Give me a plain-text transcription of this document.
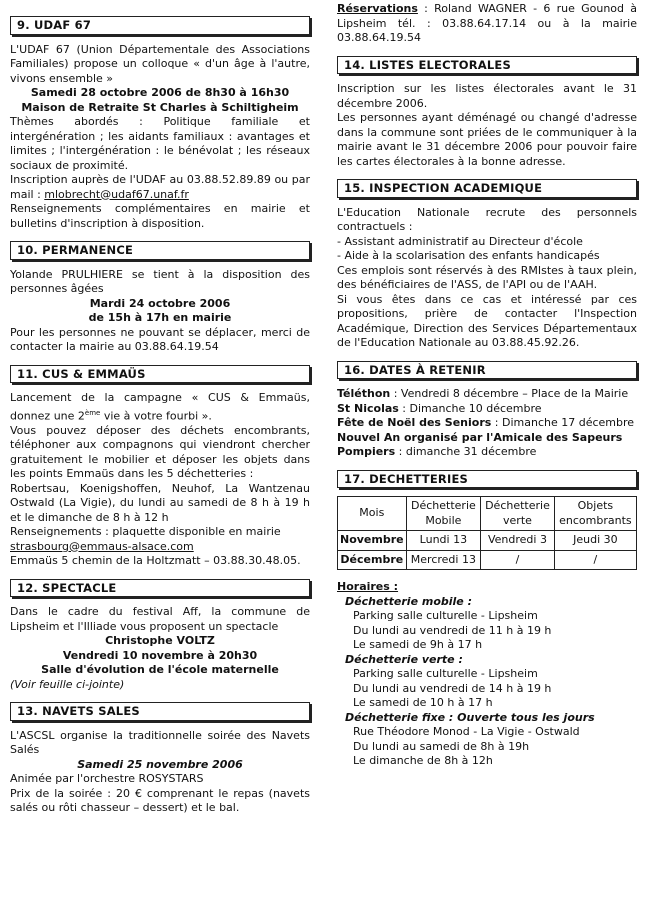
9. UDAF 67

L'UDAF 67 (Union Départementale des Associations Familiales) propose un colloque « d'un âge à l'autre, vivons ensemble »

Samedi 28 octobre 2006 de 8h30 à 16h30

Maison de Retraite St Charles à Schiltigheim

Thèmes abordés : Politique familiale et intergénération ; les aidants familiaux : avantages et limites ; l'intergénération : le bénévolat ; les réseaux sociaux de proximité.

Inscription auprès de l'UDAF au 03.88.52.89.89 ou par mail : mlobrecht@udaf67.unaf.fr

Renseignements complémentaires en mairie et bulletins d'inscription à disposition.

10. PERMANENCE

Yolande PRULHIERE se tient à la disposition des personnes âgées

Mardi 24 octobre 2006

de 15h à 17h en mairie

Pour les personnes ne pouvant se déplacer, merci de contacter la mairie au 03.88.64.19.54

11. CUS & EMMAÜS

Lancement de la campagne « CUS & Emmaüs, donnez une 2ème vie à votre fourbi ».

Vous pouvez déposer des déchets encombrants, téléphoner aux compagnons qui viendront chercher gratuitement le mobilier et déposer les objets dans les points Emmaüs dans les 5 déchetteries :

Robertsau, Koenigshoffen, Neuhof, La Wantzenau Ostwald (La Vigie), du lundi au samedi de 8 h à 19 h et le dimanche de 8 h à 12 h

Renseignements : plaquette disponible en mairie

strasbourg@emmaus-alsace.com

Emmaüs 5 chemin de la Holtzmatt – 03.88.30.48.05.

12. SPECTACLE

Dans le cadre du festival Aff, la commune de Lipsheim et l'Illiade vous proposent un spectacle

Christophe VOLTZ

Vendredi 10 novembre à 20h30

Salle d'évolution de l'école maternelle

(Voir feuille ci-jointe)

13. NAVETS SALES

L'ASCSL organise la traditionnelle soirée des Navets Salés

Samedi 25 novembre 2006

Animée par l'orchestre ROSYSTARS

Prix de la soirée : 20 € comprenant le repas (navets salés ou rôti chasseur – dessert) et le bal.

Réservations : Roland WAGNER - 6 rue Gounod à Lipsheim tél. : 03.88.64.17.14 ou à la mairie 03.88.64.19.54

14. LISTES ELECTORALES

Inscription sur les listes électorales avant le 31 décembre 2006.

Les personnes ayant déménagé ou changé d'adresse dans la commune sont priées de le communiquer à la mairie avant le 31 décembre 2006 pour pouvoir faire les cartes électorales à la bonne adresse.

15. INSPECTION ACADEMIQUE

L'Education Nationale recrute des personnels contractuels :

- Assistant administratif au Directeur d'école

- Aide à la scolarisation des enfants handicapés

Ces emplois sont réservés à des RMIstes à taux plein, des bénéficiaires de l'ASS, de l'API ou de l'AAH.

Si vous êtes dans ce cas et intéressé par ces propositions, prière de contacter l'Inspection Académique, Direction des Services Départementaux de l'Education Nationale au 03.88.45.92.26.

16. DATES À RETENIR

Téléthon : Vendredi 8 décembre – Place de la Mairie

St Nicolas : Dimanche 10 décembre

Fête de Noël des Seniors : Dimanche 17 décembre

Nouvel An organisé par l'Amicale des Sapeurs

Pompiers : dimanche 31 décembre

17. DECHETTERIES
Mois	Déchetterie Mobile	Déchetterie verte	Objets encombrants
Novembre	Lundi 13	Vendredi 3	Jeudi 30
Décembre	Mercredi 13	/	/

Horaires :

Déchetterie mobile :

Parking salle culturelle - Lipsheim

Du lundi au vendredi de 11 h à 19 h

Le samedi de 9h à 17 h

Déchetterie verte :

Parking salle culturelle - Lipsheim

Du lundi au vendredi de 14 h à 19 h

Le samedi de 10 h à 17 h

Déchetterie fixe : Ouverte tous les jours

Rue Théodore Monod - La Vigie - Ostwald

Du lundi au samedi de 8h à 19h

Le dimanche de 8h à 12h
